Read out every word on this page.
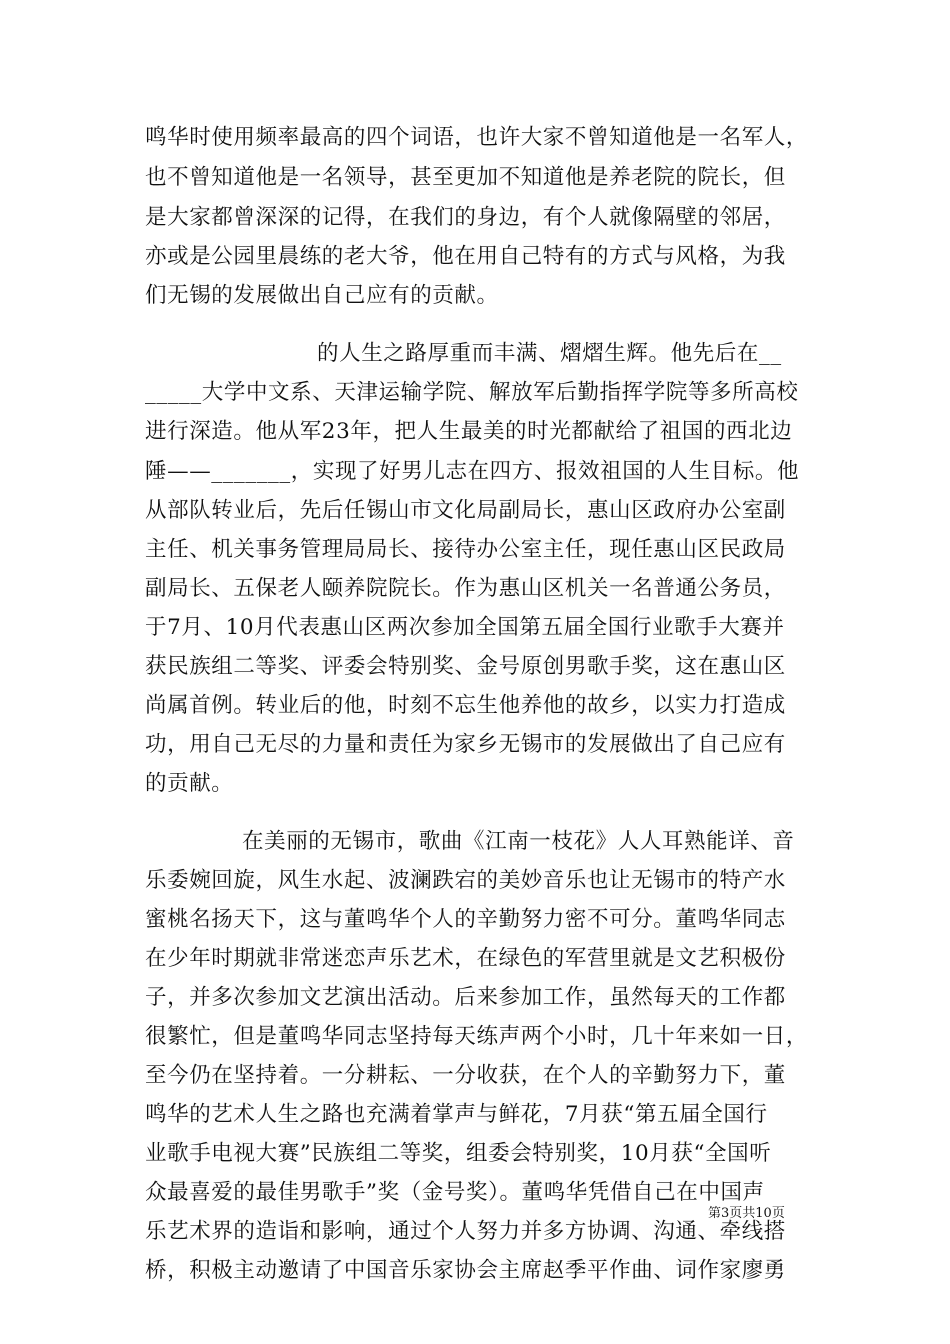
鸣华时使用频率最高的四个词语，也许大家不曾知道他是一名军人，
也不曾知道他是一名领导，甚至更加不知道他是养老院的院长，但
是大家都曾深深的记得，在我们的身边，有个人就像隔壁的邻居，
亦或是公园里晨练的老大爷，他在用自己特有的方式与风格，为我
们无锡的发展做出自己应有的贡献。
的人生之路厚重而丰满、熠熠生辉。他先后在__
_____大学中文系、天津运输学院、解放军后勤指挥学院等多所高校
进行深造。他从军23年，把人生最美的时光都献给了祖国的西北边
陲——_______，实现了好男儿志在四方、报效祖国的人生目标。他
从部队转业后，先后任锡山市文化局副局长，惠山区政府办公室副
主任、机关事务管理局局长、接待办公室主任，现任惠山区民政局
副局长、五保老人颐养院院长。作为惠山区机关一名普通公务员，
于7月、10月代表惠山区两次参加全国第五届全国行业歌手大赛并
获民族组二等奖、评委会特别奖、金号原创男歌手奖，这在惠山区
尚属首例。转业后的他，时刻不忘生他养他的故乡，以实力打造成
功，用自己无尽的力量和责任为家乡无锡市的发展做出了自己应有
的贡献。
在美丽的无锡市，歌曲《江南一枝花》人人耳熟能详、音
乐委婉回旋，风生水起、波澜跌宕的美妙音乐也让无锡市的特产水
蜜桃名扬天下，这与董鸣华个人的辛勤努力密不可分。董鸣华同志
在少年时期就非常迷恋声乐艺术，在绿色的军营里就是文艺积极份
子，并多次参加文艺演出活动。后来参加工作，虽然每天的工作都
很繁忙，但是董鸣华同志坚持每天练声两个小时，几十年来如一日，
至今仍在坚持着。一分耕耘、一分收获，在个人的辛勤努力下，董
鸣华的艺术人生之路也充满着掌声与鲜花，7月获“第五届全国行
业歌手电视大赛”民族组二等奖，组委会特别奖，10月获“全国听
众最喜爱的最佳男歌手”奖（金号奖）。董鸣华凭借自己在中国声
乐艺术界的造诣和影响，通过个人努力并多方协调、沟通、牵线搭
桥，积极主动邀请了中国音乐家协会主席赵季平作曲、词作家廖勇
第3页共10页
